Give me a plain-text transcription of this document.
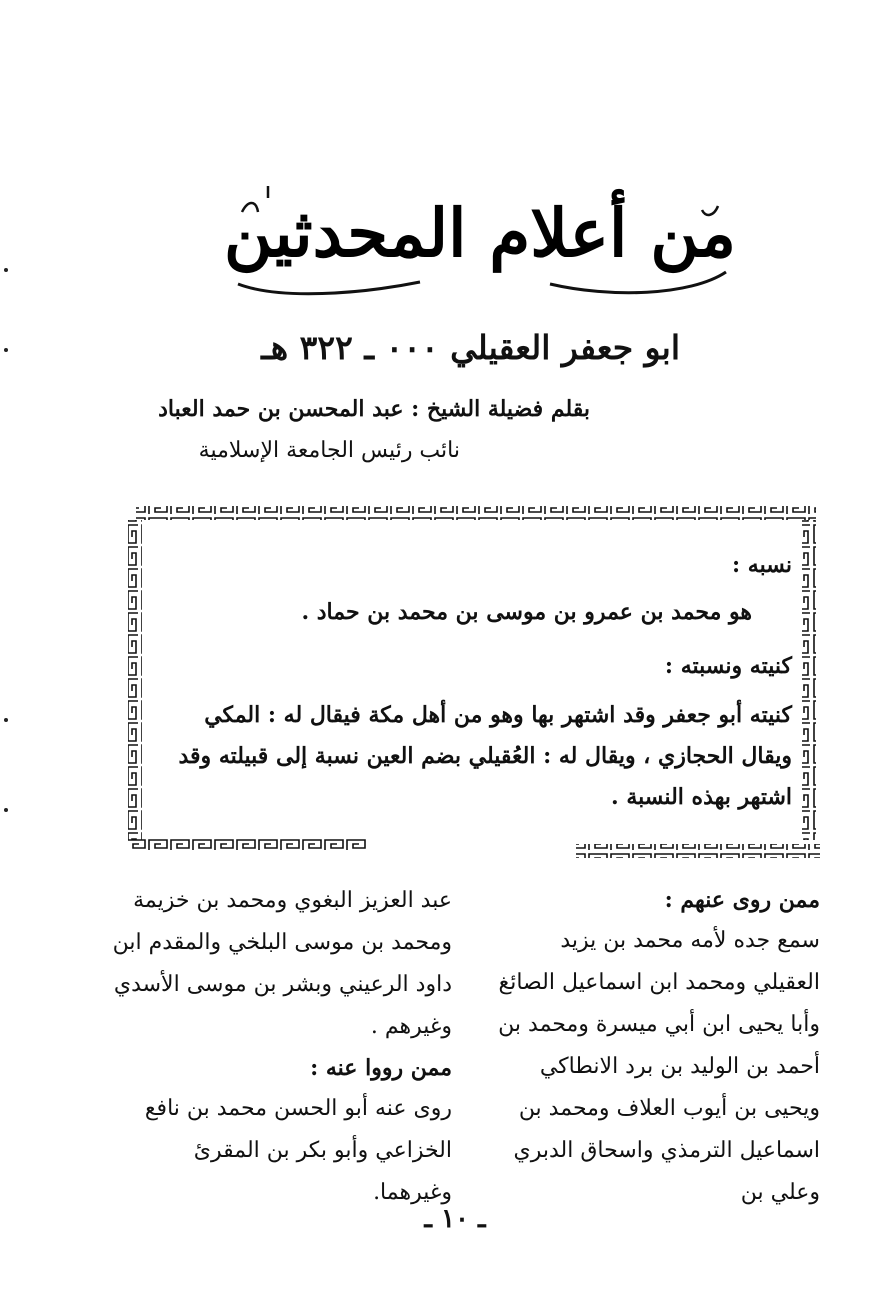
من أعلام المحدثين
ابو جعفر العقيلي ٠٠٠ ـ ٣٢٢ هـ
بقلم فضيلة الشيخ : عبد المحسن بن حمد العباد
نائب رئيس الجامعة الإسلامية
نسبه :
هو محمد بن عمرو بن موسى بن محمد بن حماد .
كنيته ونسبته :
كنيته أبو جعفر وقد اشتهر بها وهو من أهل مكة فيقال له : المكي ويقال الحجازي ، ويقال له : العُقيلي بضم العين نسبة إلى قبيلته وقد اشتهر بهذه النسبة .
ممن روى عنهم :
سمع جده لأمه محمد بن يزيد العقيلي ومحمد ابن اسماعيل الصائغ وأبا يحيى ابن أبي ميسرة ومحمد بن أحمد بن الوليد بن برد الانطاكي ويحيى بن أيوب العلاف ومحمد بن اسماعيل الترمذي واسحاق الدبري وعلي بن
عبد العزيز البغوي ومحمد بن خزيمة ومحمد بن موسى البلخي والمقدم ابن داود الرعيني وبشر بن موسى الأسدي وغيرهم .
ممن رووا عنه :
روى عنه أبو الحسن محمد بن نافع الخزاعي وأبو بكر بن المقرئ وغيرهما.
ـ ١٠ ـ
